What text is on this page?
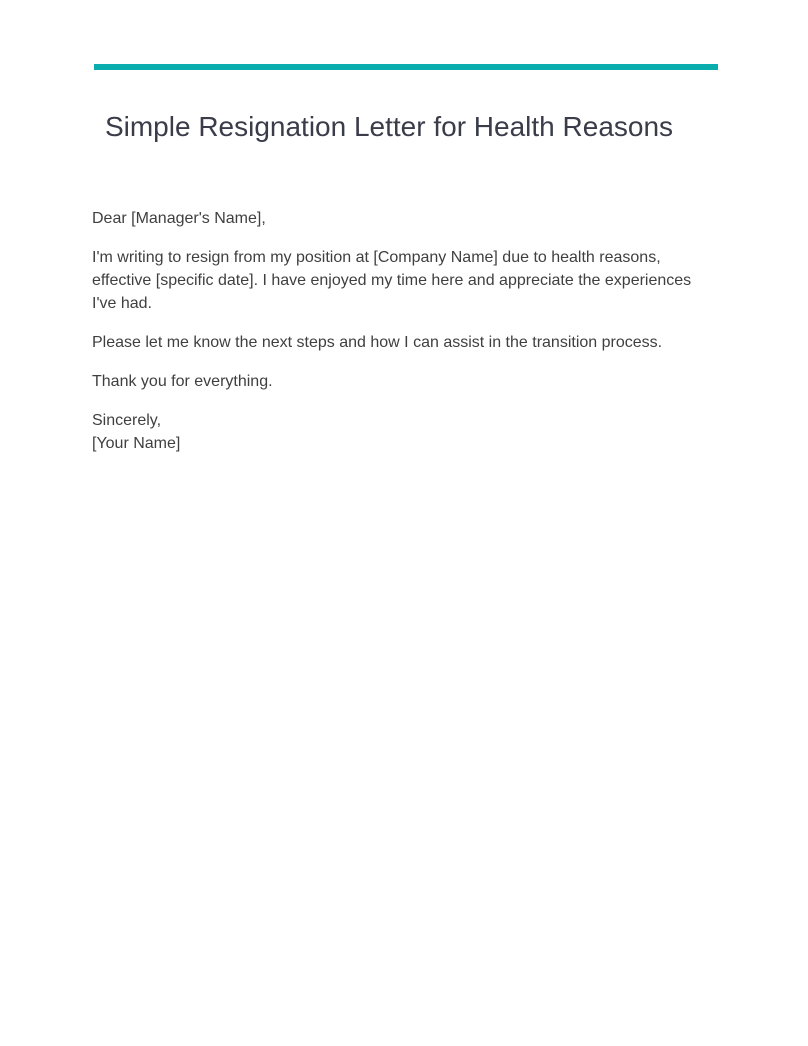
Simple Resignation Letter for Health Reasons

Dear [Manager's Name],

I'm writing to resign from my position at [Company Name] due to health reasons, effective [specific date]. I have enjoyed my time here and appreciate the experiences I've had.

Please let me know the next steps and how I can assist in the transition process.

Thank you for everything.

Sincerely,
[Your Name]
